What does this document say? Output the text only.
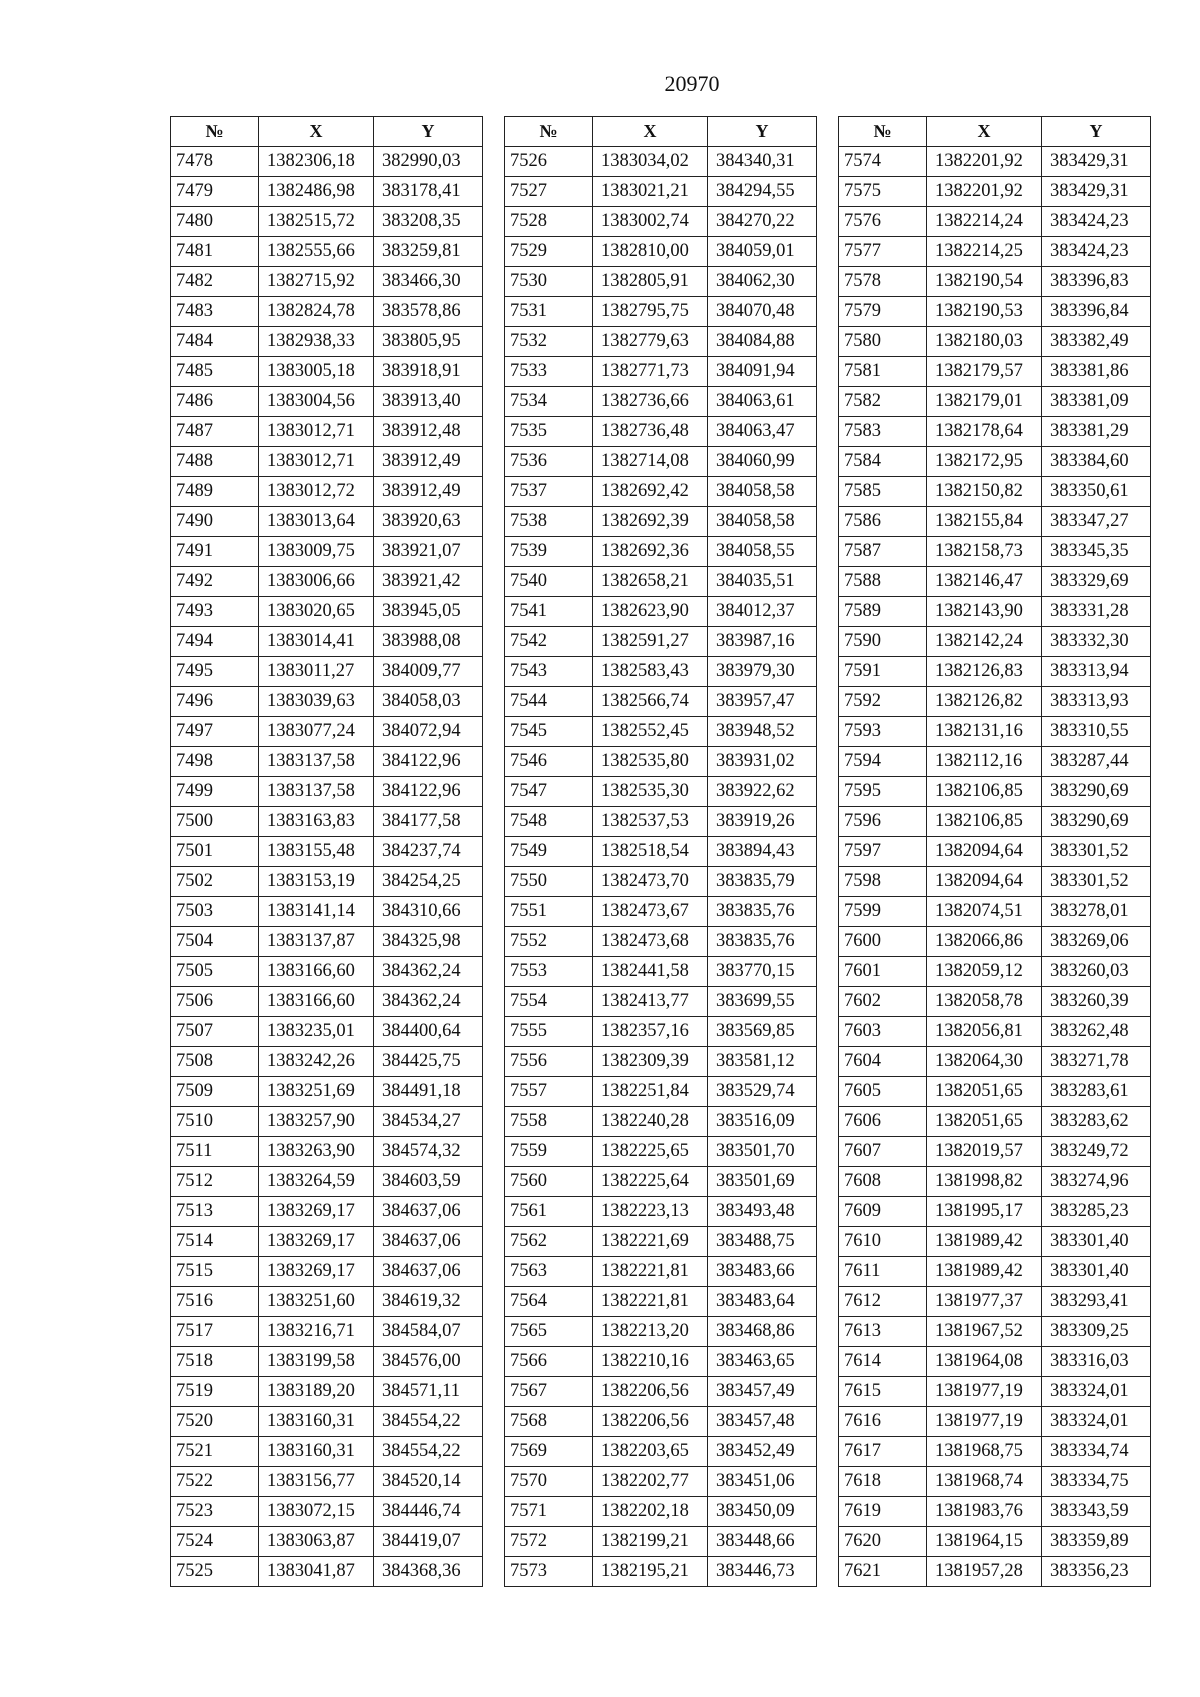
20970
№	X	Y
7478	1382306,18	382990,03
7479	1382486,98	383178,41
7480	1382515,72	383208,35
7481	1382555,66	383259,81
7482	1382715,92	383466,30
7483	1382824,78	383578,86
7484	1382938,33	383805,95
7485	1383005,18	383918,91
7486	1383004,56	383913,40
7487	1383012,71	383912,48
7488	1383012,71	383912,49
7489	1383012,72	383912,49
7490	1383013,64	383920,63
7491	1383009,75	383921,07
7492	1383006,66	383921,42
7493	1383020,65	383945,05
7494	1383014,41	383988,08
7495	1383011,27	384009,77
7496	1383039,63	384058,03
7497	1383077,24	384072,94
7498	1383137,58	384122,96
7499	1383137,58	384122,96
7500	1383163,83	384177,58
7501	1383155,48	384237,74
7502	1383153,19	384254,25
7503	1383141,14	384310,66
7504	1383137,87	384325,98
7505	1383166,60	384362,24
7506	1383166,60	384362,24
7507	1383235,01	384400,64
7508	1383242,26	384425,75
7509	1383251,69	384491,18
7510	1383257,90	384534,27
7511	1383263,90	384574,32
7512	1383264,59	384603,59
7513	1383269,17	384637,06
7514	1383269,17	384637,06
7515	1383269,17	384637,06
7516	1383251,60	384619,32
7517	1383216,71	384584,07
7518	1383199,58	384576,00
7519	1383189,20	384571,11
7520	1383160,31	384554,22
7521	1383160,31	384554,22
7522	1383156,77	384520,14
7523	1383072,15	384446,74
7524	1383063,87	384419,07
7525	1383041,87	384368,36
№	X	Y
7526	1383034,02	384340,31
7527	1383021,21	384294,55
7528	1383002,74	384270,22
7529	1382810,00	384059,01
7530	1382805,91	384062,30
7531	1382795,75	384070,48
7532	1382779,63	384084,88
7533	1382771,73	384091,94
7534	1382736,66	384063,61
7535	1382736,48	384063,47
7536	1382714,08	384060,99
7537	1382692,42	384058,58
7538	1382692,39	384058,58
7539	1382692,36	384058,55
7540	1382658,21	384035,51
7541	1382623,90	384012,37
7542	1382591,27	383987,16
7543	1382583,43	383979,30
7544	1382566,74	383957,47
7545	1382552,45	383948,52
7546	1382535,80	383931,02
7547	1382535,30	383922,62
7548	1382537,53	383919,26
7549	1382518,54	383894,43
7550	1382473,70	383835,79
7551	1382473,67	383835,76
7552	1382473,68	383835,76
7553	1382441,58	383770,15
7554	1382413,77	383699,55
7555	1382357,16	383569,85
7556	1382309,39	383581,12
7557	1382251,84	383529,74
7558	1382240,28	383516,09
7559	1382225,65	383501,70
7560	1382225,64	383501,69
7561	1382223,13	383493,48
7562	1382221,69	383488,75
7563	1382221,81	383483,66
7564	1382221,81	383483,64
7565	1382213,20	383468,86
7566	1382210,16	383463,65
7567	1382206,56	383457,49
7568	1382206,56	383457,48
7569	1382203,65	383452,49
7570	1382202,77	383451,06
7571	1382202,18	383450,09
7572	1382199,21	383448,66
7573	1382195,21	383446,73
№	X	Y
7574	1382201,92	383429,31
7575	1382201,92	383429,31
7576	1382214,24	383424,23
7577	1382214,25	383424,23
7578	1382190,54	383396,83
7579	1382190,53	383396,84
7580	1382180,03	383382,49
7581	1382179,57	383381,86
7582	1382179,01	383381,09
7583	1382178,64	383381,29
7584	1382172,95	383384,60
7585	1382150,82	383350,61
7586	1382155,84	383347,27
7587	1382158,73	383345,35
7588	1382146,47	383329,69
7589	1382143,90	383331,28
7590	1382142,24	383332,30
7591	1382126,83	383313,94
7592	1382126,82	383313,93
7593	1382131,16	383310,55
7594	1382112,16	383287,44
7595	1382106,85	383290,69
7596	1382106,85	383290,69
7597	1382094,64	383301,52
7598	1382094,64	383301,52
7599	1382074,51	383278,01
7600	1382066,86	383269,06
7601	1382059,12	383260,03
7602	1382058,78	383260,39
7603	1382056,81	383262,48
7604	1382064,30	383271,78
7605	1382051,65	383283,61
7606	1382051,65	383283,62
7607	1382019,57	383249,72
7608	1381998,82	383274,96
7609	1381995,17	383285,23
7610	1381989,42	383301,40
7611	1381989,42	383301,40
7612	1381977,37	383293,41
7613	1381967,52	383309,25
7614	1381964,08	383316,03
7615	1381977,19	383324,01
7616	1381977,19	383324,01
7617	1381968,75	383334,74
7618	1381968,74	383334,75
7619	1381983,76	383343,59
7620	1381964,15	383359,89
7621	1381957,28	383356,23
